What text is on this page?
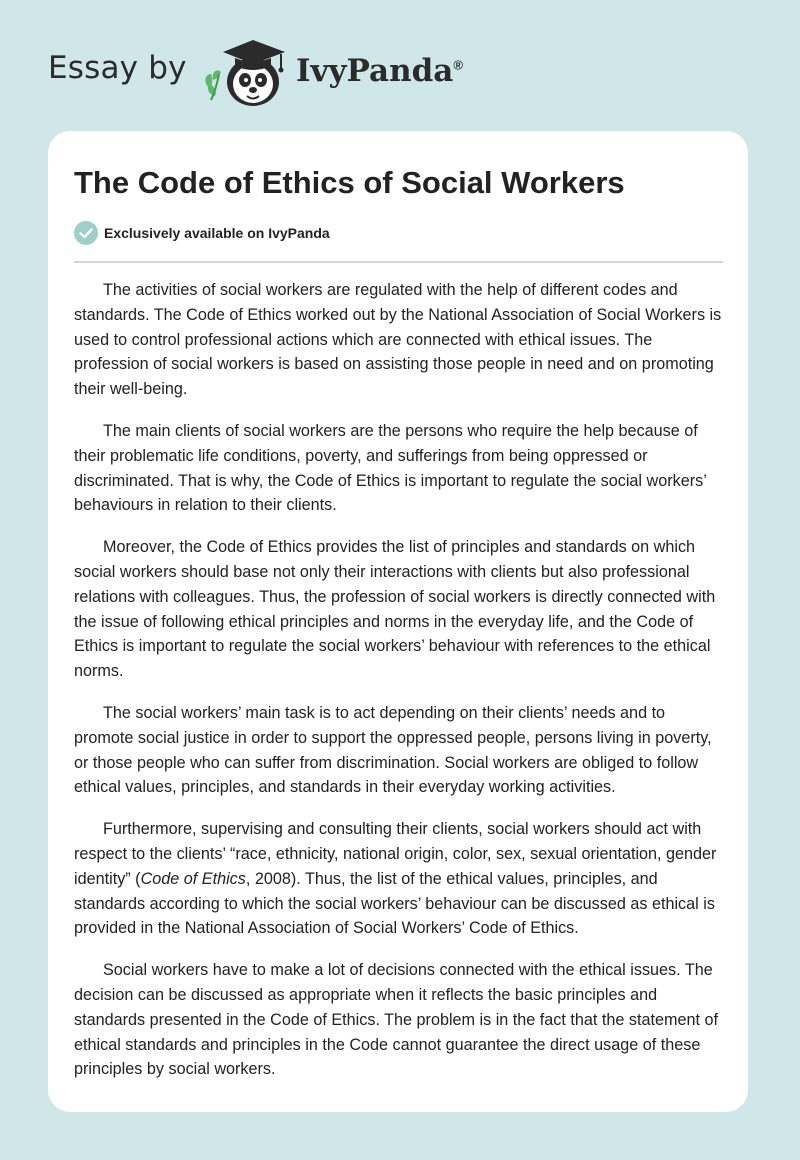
Essay by	IvyPanda®
The Code of Ethics of Social Workers
Exclusively available on IvyPanda

The activities of social workers are regulated with the help of different codes and standards. The Code of Ethics worked out by the National Association of Social Workers is used to control professional actions which are connected with ethical issues. The profession of social workers is based on assisting those people in need and on promoting their well-being.

The main clients of social workers are the persons who require the help because of their problematic life conditions, poverty, and sufferings from being oppressed or discriminated. That is why, the Code of Ethics is important to regulate the social workers’ behaviours in relation to their clients.

Moreover, the Code of Ethics provides the list of principles and standards on which social workers should base not only their interactions with clients but also professional relations with colleagues. Thus, the profession of social workers is directly connected with the issue of following ethical principles and norms in the everyday life, and the Code of Ethics is important to regulate the social workers’ behaviour with references to the ethical norms.

The social workers’ main task is to act depending on their clients’ needs and to promote social justice in order to support the oppressed people, persons living in poverty, or those people who can suffer from discrimination. Social workers are obliged to follow ethical values, principles, and standards in their everyday working activities.

Furthermore, supervising and consulting their clients, social workers should act with respect to the clients’ “race, ethnicity, national origin, color, sex, sexual orientation, gender identity” (Code of Ethics, 2008). Thus, the list of the ethical values, principles, and standards according to which the social workers’ behaviour can be discussed as ethical is provided in the National Association of Social Workers’ Code of Ethics.

Social workers have to make a lot of decisions connected with the ethical issues. The decision can be discussed as appropriate when it reflects the basic principles and standards presented in the Code of Ethics. The problem is in the fact that the statement of ethical standards and principles in the Code cannot guarantee the direct usage of these principles by social workers.
